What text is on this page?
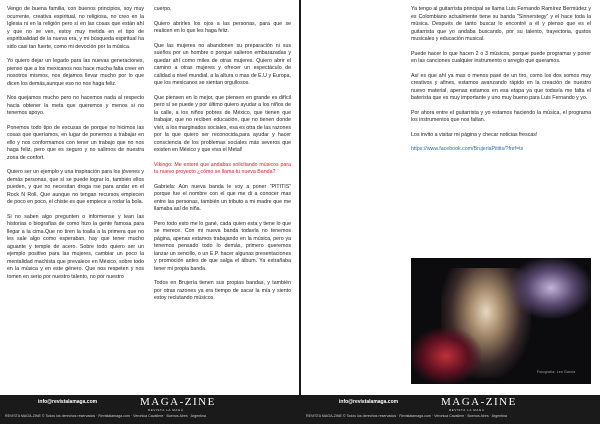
Vengo de buena familia, con buenos principios, soy muy ocurrente, creativa espiritual, no religiosa, no creo en la Iglesia ni en la religión pero sí en las cosas que están ahí y que no se ven, estoy muy metida en el tipo de espiritualidad de la nueva era, y mi búsqueda espiritual ha sido casi tan fuerte, como mi devoción por la música.

Yo quiero dejar un legado para las nuevas generaciones, pienso que a los mexicanos nos hace mucha falta creer en nosotros mismos, nos dejamos llevar mucho por lo que dicen los demás,aunque eso no nos haga feliz.

Nos quejamos mucho pero no hacemos nada al respecto hacia obtener la meta que queremos y menos si no tenemos apoyo.

Ponemos todo tipo de excusas de porque no hicimos las cosas que queríamos, en lugar de ponernos a trabajar en ello y nos conformamos con tener un trabajo que no nos haga feliz, pero que es seguro y no salirnos de nuestra zona de confort.

Quiero ser un ejemplo y una inspiración para los jóvenes y demás personas, que sí se puede lograr lo, también ellos pueden, y que no necesitan droga rse para andar en el Rock N Roll. Que aunque no tengan recursos empiecen de poco en poco, el chiste es que empiece a rodar la bola.

Si no saben algo pregunten o informense y lean las historias o biografías de como hizo la gente famosa para llegar a la cima.Que no tiren la toalla a la primera que no les sale algo como esperaban, hay que tener mucho aguante y temple de acero. Sobre todo quiero ser un ejemplo positivo para las mujeres, cambiar un poco la mentalidad machista que prevalece en México, sobre todo en la música y en este género. Que nos respeten y nos tomen en serio por nuestro talento, no por nuestro

cuerpo.

Quiero abrirles los ojos a las personas, para que se realicen en lo que les haga feliz.

Que las mujeres no abandonen su preparación ni sus sueños por un hombre o porque salieron embarazadas y quedar ahí como miles de otras mujeres. Quiero abrir el camino a otras mujeres y ofrecer un espectáculo de calidad a nivel mundial, a la altura o mas de E.U y Europa, que los mexicanos se sientan orgullosos.

Que piensen en lo mejor, que piensen en grande es difícil pero sí se puede y por último quiero ayudar a los niños de la calle, a los niños pobres de México, que tienen que trabajar, que no reciben educación, que no tienen donde vivir, a los marginados sociales, esa es otra de las razones por la que quiero ser reconocida,para ayudar y hacer consciencia de los problemas sociales más severos que existen en México y que viva el Metal!

Vikingo: Me enteré que andabas solicitando músicos para tu nuevo proyecto ¿cómo se llama tu nueva Banda?

Gabriela: Aún nueva banda le voy a poner “PITITIS” porque fue el nombre con el que me di a conocer mas entre las personas, también un tributo a mi madre que me llamaba así de niña.

Pero todo esto me lo gané, cada quien esta y tiene lo que se merece. Con mi nueva banda todavía no tenemos página, apenas estamos trabajando en la música, pero ya tenemos pensado todo lo demás, primero queremos lanzar un sencillo, o un E.P. hacer algunas presentaciones y promoción antes de que salga el álbum. Ya extrañaba tener mi propia banda.

Todos en Brujería tienen sus propias bandas, y también por otras razones ya era tiempo de sacar la mía y siento estoy reclutando músicos.

info@revistalamaga.com	MAGA-ZINE
REVISTA LA MAGA
REVISTA MAGA-ZINE © Todos los derechos reservados · Revistalamaga.com · Veronica Cavaliere · Buenos Aires · Argentina

Ya tengo al guitarrista principal se llama Luis Fernando Ramírez Bermúdez y es Colombiano actualmente tiene su banda “Sinnerstegy” y el hace toda la música. Después de tanto buscar lo encontré a él y pienso que es el guitarrista que yo andaba buscando, por su talento, trayectoria, gustos musicales y educación musical.

Puede hacer lo que hacen 2 o 3 músicos, porque puede programar y poner en las canciones cualquier instrumento o arreglo que queramos.

Así es que ahí ya mas o menos pasé de un tiro, como los dos somos muy creativos y afines, estamos avanzando rápido en la creación de nuestro nuevo material, apenas estamos en esa etapa ya que todavía me falta el baterista que es muy importante y uno muy bueno para Luis Fernando y yo.

Por ahora entre el guitarrista y yo estamos haciendo la música, el programa los instrumentos que nos faltan.

Los invito a visitar mi página y checar noticias frescas!

https://www.facebook.com/BrujeriaPititis/?fref=ts

Fotografía: Leo Garcia
info@revistalamaga.com	MAGA-ZINE
REVISTA LA MAGA
REVISTA MAGA-ZINE © Todos los derechos reservados · Revistalamaga.com · Veronica Cavaliere · Buenos Aires · Argentina
